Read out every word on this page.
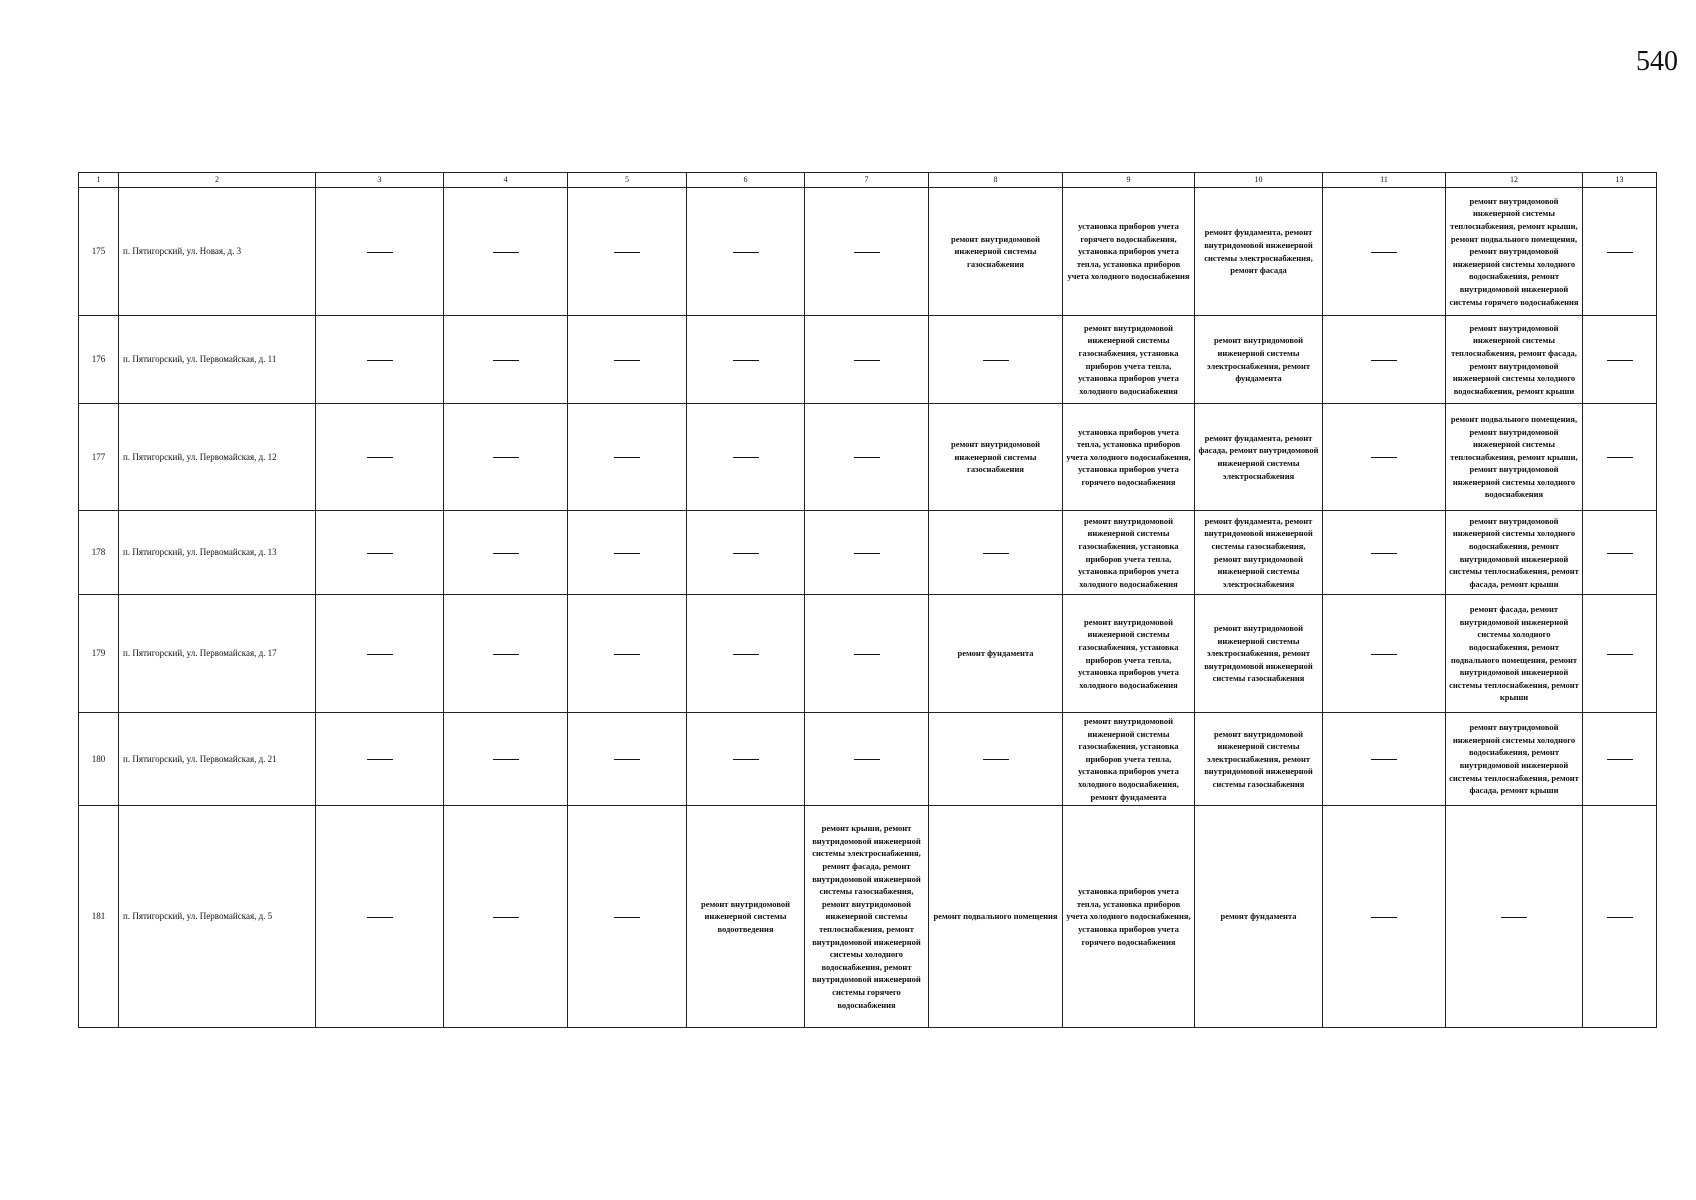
540
1	2	3	4	5	6	7	8	9	10	11	12	13
175	п. Пятигорский, ул. Новая, д. 3						ремонт внутридомовой инженерной системы газоснабжения	установка приборов учета горячего водоснабжения, установка приборов учета тепла, установка приборов учета холодного водоснабжения	ремонт фундамента, ремонт внутридомовой инженерной системы электроснабжения, ремонт фасада		ремонт внутридомовой инженерной системы теплоснабжения, ремонт крыши, ремонт подвального помещения, ремонт внутридомовой инженерной системы холодного водоснабжения, ремонт внутридомовой инженерной системы горячего водоснабжения	
176	п. Пятигорский, ул. Первомайская, д. 11							ремонт внутридомовой инженерной системы газоснабжения, установка приборов учета тепла, установка приборов учета холодного водоснабжения	ремонт внутридомовой инженерной системы электроснабжения, ремонт фундамента		ремонт внутридомовой инженерной системы теплоснабжения, ремонт фасада, ремонт внутридомовой инженерной системы холодного водоснабжения, ремонт крыши	
177	п. Пятигорский, ул. Первомайская, д. 12						ремонт внутридомовой инженерной системы газоснабжения	установка приборов учета тепла, установка приборов учета холодного водоснабжения, установка приборов учета горячего водоснабжения	ремонт фундамента, ремонт фасада, ремонт внутридомовой инженерной системы электроснабжения		ремонт подвального помещения, ремонт внутридомовой инженерной системы теплоснабжения, ремонт крыши, ремонт внутридомовой инженерной системы холодного водоснабжения	
178	п. Пятигорский, ул. Первомайская, д. 13							ремонт внутридомовой инженерной системы газоснабжения, установка приборов учета тепла, установка приборов учета холодного водоснабжения	ремонт фундамента, ремонт внутридомовой инженерной системы газоснабжения, ремонт внутридомовой инженерной системы электроснабжения		ремонт внутридомовой инженерной системы холодного водоснабжения, ремонт внутридомовой инженерной системы теплоснабжения, ремонт фасада, ремонт крыши	
179	п. Пятигорский, ул. Первомайская, д. 17						ремонт фундамента	ремонт внутридомовой инженерной системы газоснабжения, установка приборов учета тепла, установка приборов учета холодного водоснабжения	ремонт внутридомовой инженерной системы электроснабжения, ремонт внутридомовой инженерной системы газоснабжения		ремонт фасада, ремонт внутридомовой инженерной системы холодного водоснабжения, ремонт подвального помещения, ремонт внутридомовой инженерной системы теплоснабжения, ремонт крыши	
180	п. Пятигорский, ул. Первомайская, д. 21							ремонт внутридомовой инженерной системы газоснабжения, установка приборов учета тепла, установка приборов учета холодного водоснабжения, ремонт фундамента	ремонт внутридомовой инженерной системы электроснабжения, ремонт внутридомовой инженерной системы газоснабжения		ремонт внутридомовой инженерной системы холодного водоснабжения, ремонт внутридомовой инженерной системы теплоснабжения, ремонт фасада, ремонт крыши	
181	п. Пятигорский, ул. Первомайская, д. 5				ремонт внутридомовой инженерной системы водоотведения	ремонт крыши, ремонт внутридомовой инженерной системы электроснабжения, ремонт фасада, ремонт внутридомовой инженерной системы газоснабжения, ремонт внутридомовой инженерной системы теплоснабжения, ремонт внутридомовой инженерной системы холодного водоснабжения, ремонт внутридомовой инженерной системы горячего водоснабжения	ремонт подвального помещения	установка приборов учета тепла, установка приборов учета холодного водоснабжения, установка приборов учета горячего водоснабжения	ремонт фундамента			
